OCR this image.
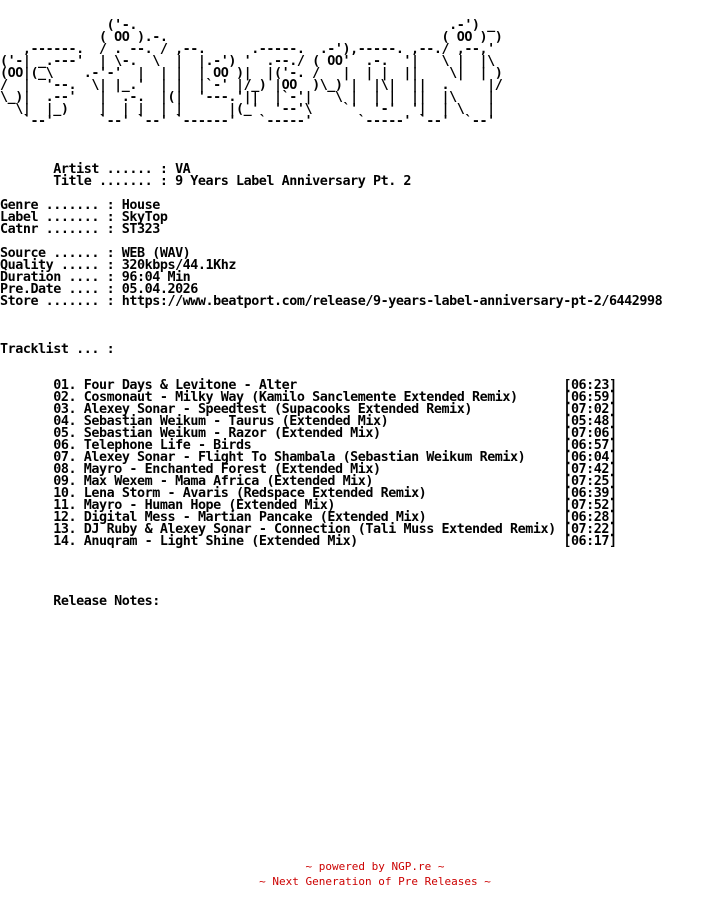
('-.                                         .-') _
( OO ).-.                                    ( OO ) )
,------.  / . --. / ,--.      .-----.  .-'),-----. ,--./ ,--,'
('-| _.---'  | \-.  \  |  |.-') '  .--./ ( OO'  .-.  '|   \ |  |\
(OO|(_\    .-'-'  |  | |  | OO )|  |('-. /   |  | |  ||    \|  | )
/  |  '--.  \| |_.'  | |  |`-' |/_) |OO  )\_) |  |\|  ||  .     |/
\_)|  .--'   |  .-.  |(|  '---.'||  |`-'|   \ |  | |  ||  |\    |
\|  |_)    |  | |  | |      |(_'  '--'\    `'  '-'  '|  | \   |
`--'      `--' `--' `------'   `-----'      `-----' `--'  `--'

Artist ...... : VA
Title ....... : 9 Years Label Anniversary Pt. 2

Genre ....... : House
Label ....... : SkyTop
Catnr ....... : ST323

Source ...... : WEB (WAV)
Quality ..... : 320kbps/44.1Khz
Duration .... : 96:04 Min
Pre.Date .... : 05.04.2026
Store ....... : https://www.beatport.com/release/9-years-label-anniversary-pt-2/6442998

Tracklist ... :

01. Four Days & Levitone - Alter	[06:23]
02. Cosmonaut - Milky Way (Kamilo Sanclemente Extended Remix)	[06:59]
03. Alexey Sonar - Speedtest (Supacooks Extended Remix)	[07:02]
04. Sebastian Weikum - Taurus (Extended Mix)	[05:48]
05. Sebastian Weikum - Razor (Extended Mix)	[07:06]
06. Telephone Life - Birds	[06:57]
07. Alexey Sonar - Flight To Shambala (Sebastian Weikum Remix)	[06:04]
08. Mayro - Enchanted Forest (Extended Mix)	[07:42]
09. Max Wexem - Mama Africa (Extended Mix)	[07:25]
10. Lena Storm - Avaris (Redspace Extended Remix)	[06:39]
11. Mayro - Human Hope (Extended Mix)	[07:52]
12. Digital Mess - Martian Pancake (Extended Mix)	[06:28]
13. DJ Ruby & Alexey Sonar - Connection (Tali Muss Extended Remix) [07:22]
14. Anuqram - Light Shine (Extended Mix)	[06:17]

Release Notes:
~ powered by NGP.re ~
~ Next Generation of Pre Releases ~
